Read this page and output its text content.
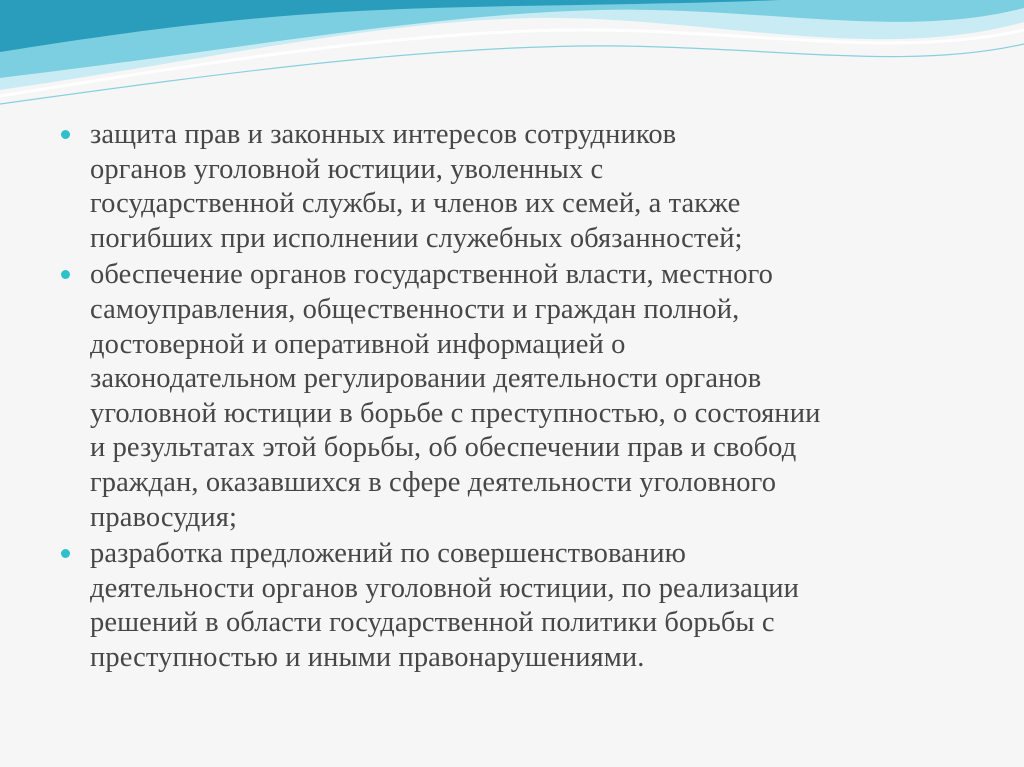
защита прав и законных интересов сотрудников
органов уголовной юстиции, уволенных с
государственной службы, и членов их семей, а также
погибших при исполнении служебных обязанностей;
обеспечение органов государственной власти, местного
самоуправления, общественности и граждан полной,
достоверной и оперативной информацией о
законодательном регулировании деятельности органов
уголовной юстиции в борьбе с преступностью, о состоянии
и результатах этой борьбы, об обеспечении прав и свобод
граждан, оказавшихся в сфере деятельности уголовного
правосудия;
разработка предложений по совершенствованию
деятельности органов уголовной юстиции, по реализации
решений в области государственной политики борьбы с
преступностью и иными правонарушениями.
